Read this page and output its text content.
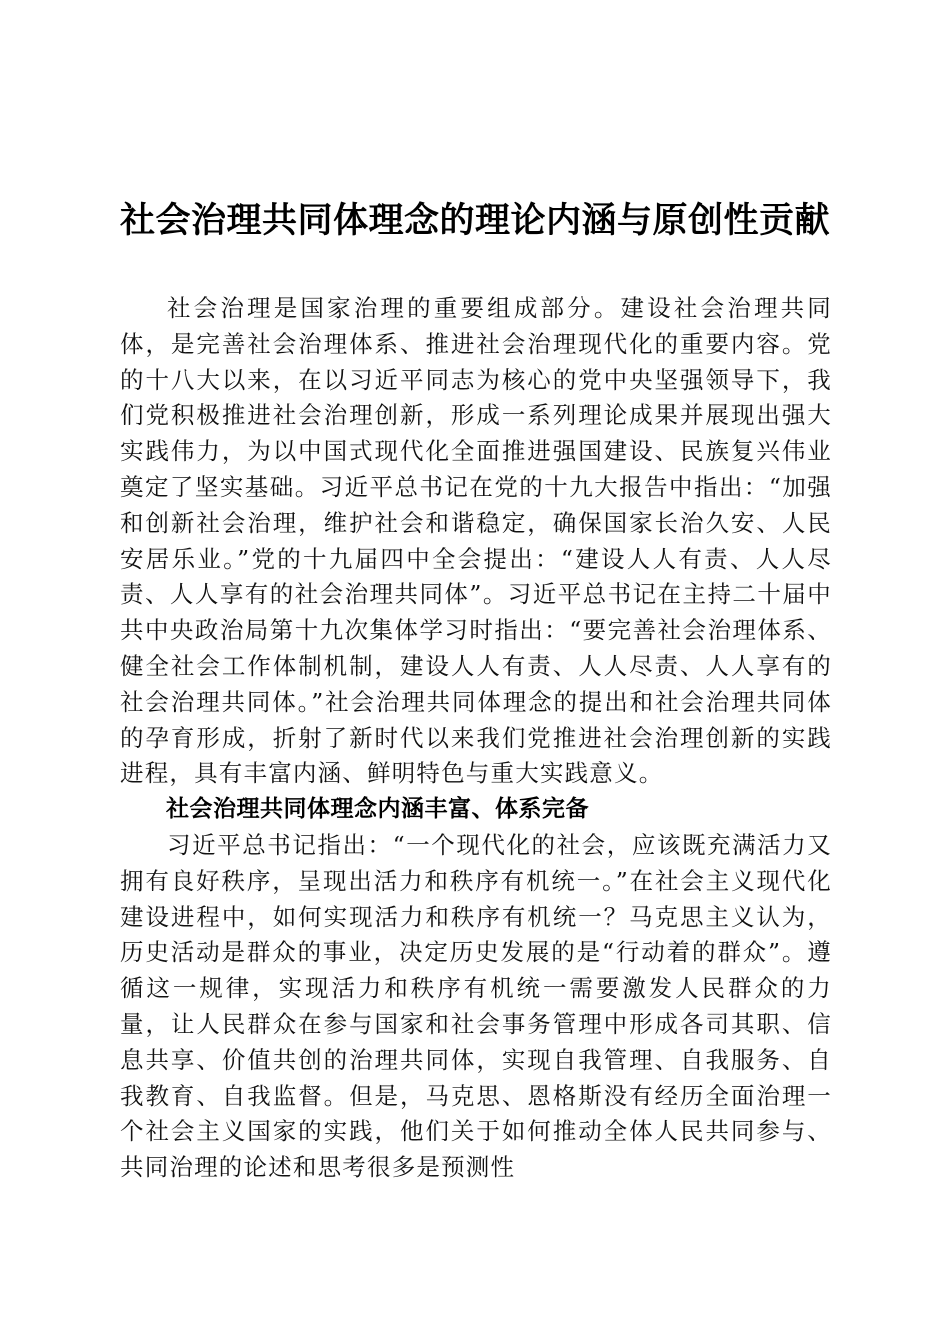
社会治理共同体理念的理论内涵与原创性贡献

社会治理是国家治理的重要组成部分。建设社会治理共同体，是完善社会治理体系、推进社会治理现代化的重要内容。党的十八大以来，在以习近平同志为核心的党中央坚强领导下，我们党积极推进社会治理创新，形成一系列理论成果并展现出强大实践伟力，为以中国式现代化全面推进强国建设、民族复兴伟业奠定了坚实基础。习近平总书记在党的十九大报告中指出：“加强和创新社会治理，维护社会和谐稳定，确保国家长治久安、人民安居乐业。”党的十九届四中全会提出：“建设人人有责、人人尽责、人人享有的社会治理共同体”。习近平总书记在主持二十届中共中央政治局第十九次集体学习时指出：“要完善社会治理体系、健全社会工作体制机制，建设人人有责、人人尽责、人人享有的社会治理共同体。”社会治理共同体理念的提出和社会治理共同体的孕育形成，折射了新时代以来我们党推进社会治理创新的实践进程，具有丰富内涵、鲜明特色与重大实践意义。

社会治理共同体理念内涵丰富、体系完备

习近平总书记指出：“一个现代化的社会，应该既充满活力又拥有良好秩序，呈现出活力和秩序有机统一。”在社会主义现代化建设进程中，如何实现活力和秩序有机统一？马克思主义认为，历史活动是群众的事业，决定历史发展的是“行动着的群众”。遵循这一规律，实现活力和秩序有机统一需要激发人民群众的力量，让人民群众在参与国家和社会事务管理中形成各司其职、信息共享、价值共创的治理共同体，实现自我管理、自我服务、自我教育、自我监督。但是，马克思、恩格斯没有经历全面治理一个社会主义国家的实践，他们关于如何推动全体人民共同参与、共同治理的论述和思考很多是预测性
